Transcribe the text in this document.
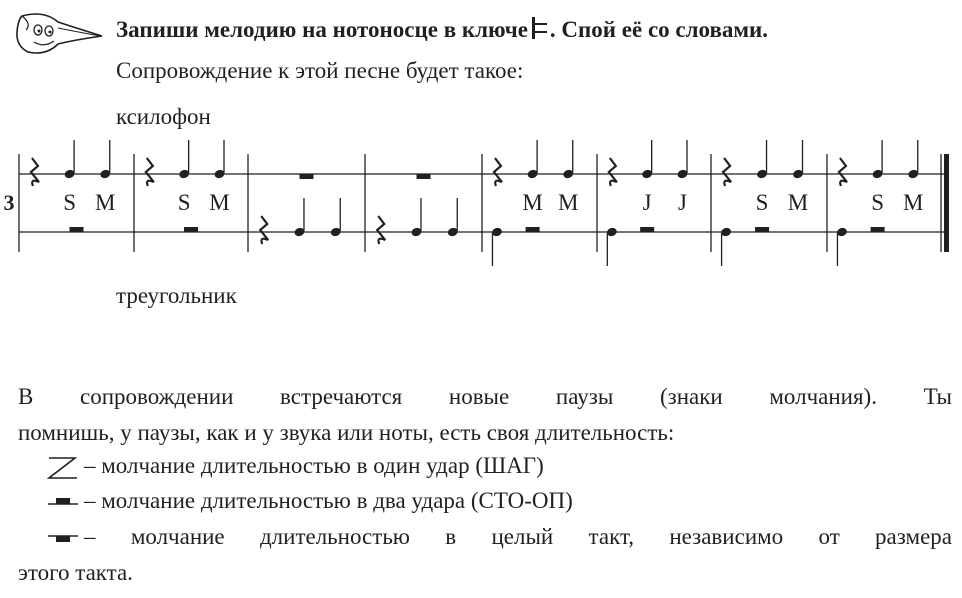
Запиши мелодию на нотоносце в ключе . Спой её со словами.
Сопровождение к этой песне будет такое:
ксилофон
треугольник
3 S M	S M	M M	J J	S M	S M
В сопровождении встречаются новые паузы (знаки молчания). Ты
помнишь, у паузы, как и у звука или ноты, есть своя длительность:
– молчание длительностью в один удар (ШАГ)
– молчание длительностью в два удара (СТО-ОП)
– молчание длительностью в целый такт, независимо от размера
этого такта.
